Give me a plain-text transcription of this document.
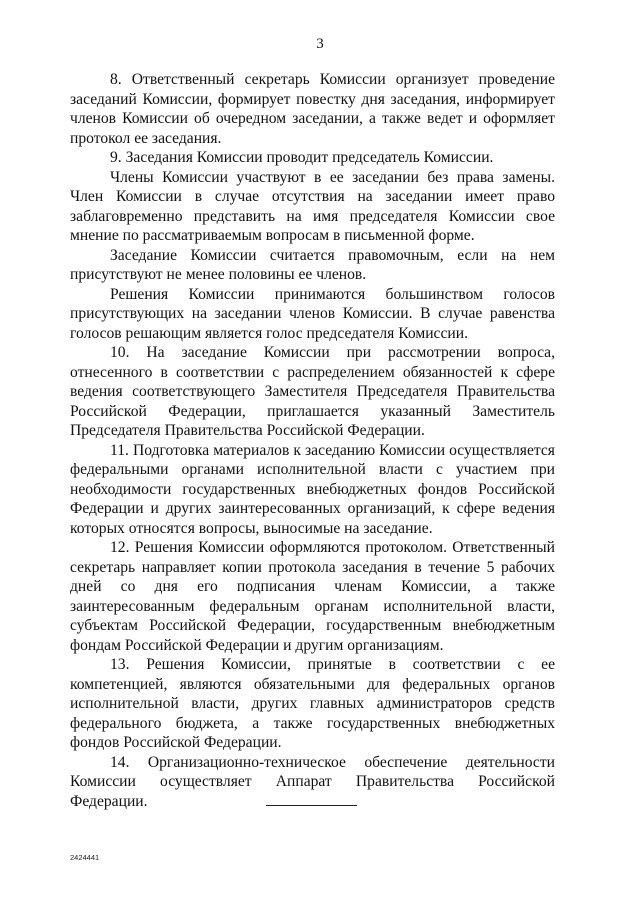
3

8. Ответственный секретарь Комиссии организует проведение заседаний Комиссии, формирует повестку дня заседания, информирует членов Комиссии об очередном заседании, а также ведет и оформляет протокол ее заседания.

9. Заседания Комиссии проводит председатель Комиссии.

Члены Комиссии участвуют в ее заседании без права замены. Член Комиссии в случае отсутствия на заседании имеет право заблаговременно представить на имя председателя Комиссии свое мнение по рассматриваемым вопросам в письменной форме.

Заседание Комиссии считается правомочным, если на нем присутствуют не менее половины ее членов.

Решения Комиссии принимаются большинством голосов присутствующих на заседании членов Комиссии. В случае равенства голосов решающим является голос председателя Комиссии.

10. На заседание Комиссии при рассмотрении вопроса, отнесенного в соответствии с распределением обязанностей к сфере ведения соответствующего Заместителя Председателя Правительства Российской Федерации, приглашается указанный Заместитель Председателя Правительства Российской Федерации.

11. Подготовка материалов к заседанию Комиссии осуществляется федеральными органами исполнительной власти с участием при необходимости государственных внебюджетных фондов Российской Федерации и других заинтересованных организаций, к сфере ведения которых относятся вопросы, выносимые на заседание.

12. Решения Комиссии оформляются протоколом. Ответственный секретарь направляет копии протокола заседания в течение 5 рабочих дней со дня его подписания членам Комиссии, а также заинтересованным федеральным органам исполнительной власти, субъектам Российской Федерации, государственным внебюджетным фондам Российской Федерации и другим организациям.

13. Решения Комиссии, принятые в соответствии с ее компетенцией, являются обязательными для федеральных органов исполнительной власти, других главных администраторов средств федерального бюджета, а также государственных внебюджетных фондов Российской Федерации.

14. Организационно-техническое обеспечение деятельности Комиссии осуществляет Аппарат Правительства Российской Федерации.

2424441
